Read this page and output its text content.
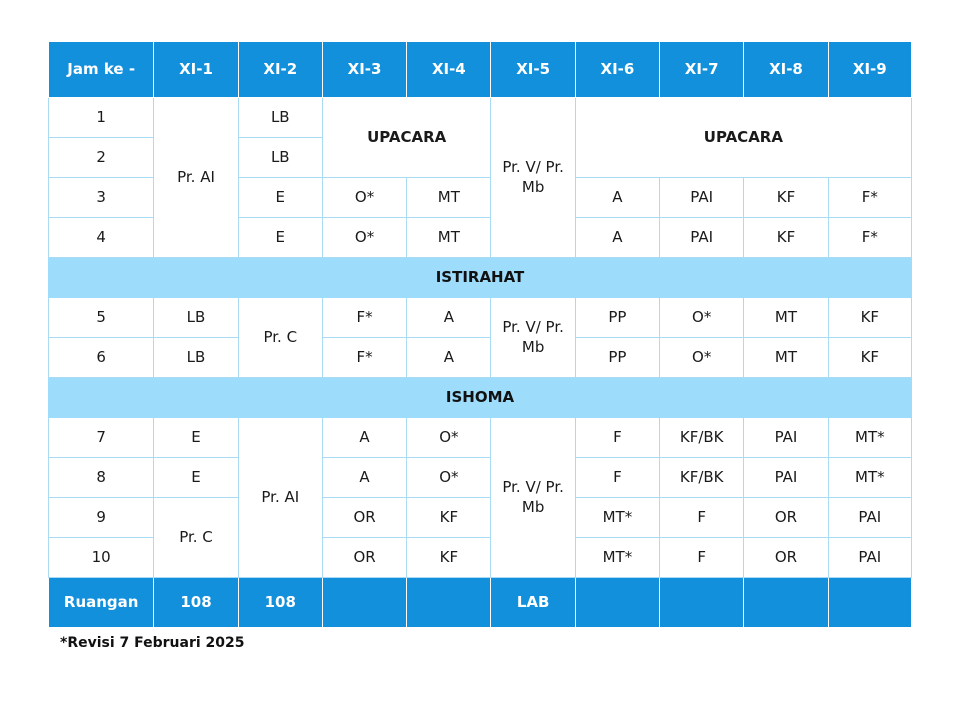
Jam ke -	XI-1	XI-2	XI-3	XI-4	XI-5	XI-6	XI-7	XI-8	XI-9
1	Pr. AI	LB	UPACARA		Pr. V/ Pr. Mb	UPACARA			
2		LB							
3		E	O*	MT		A	PAI	KF	F*
4		E	O*	MT		A	PAI	KF	F*
ISTIRAHAT									
5	LB	Pr. C	F*	A	Pr. V/ Pr. Mb	PP	O*	MT	KF
6	LB		F*	A		PP	O*	MT	KF
ISHOMA									
7	E	Pr. AI	A	O*	Pr. V/ Pr. Mb	F	KF/BK	PAI	MT*
8	E		A	O*		F	KF/BK	PAI	MT*
9	Pr. C		OR	KF		MT*	F	OR	PAI
10			OR	KF		MT*	F	OR	PAI
Ruangan	108	108			LAB				
*Revisi 7 Februari 2025
